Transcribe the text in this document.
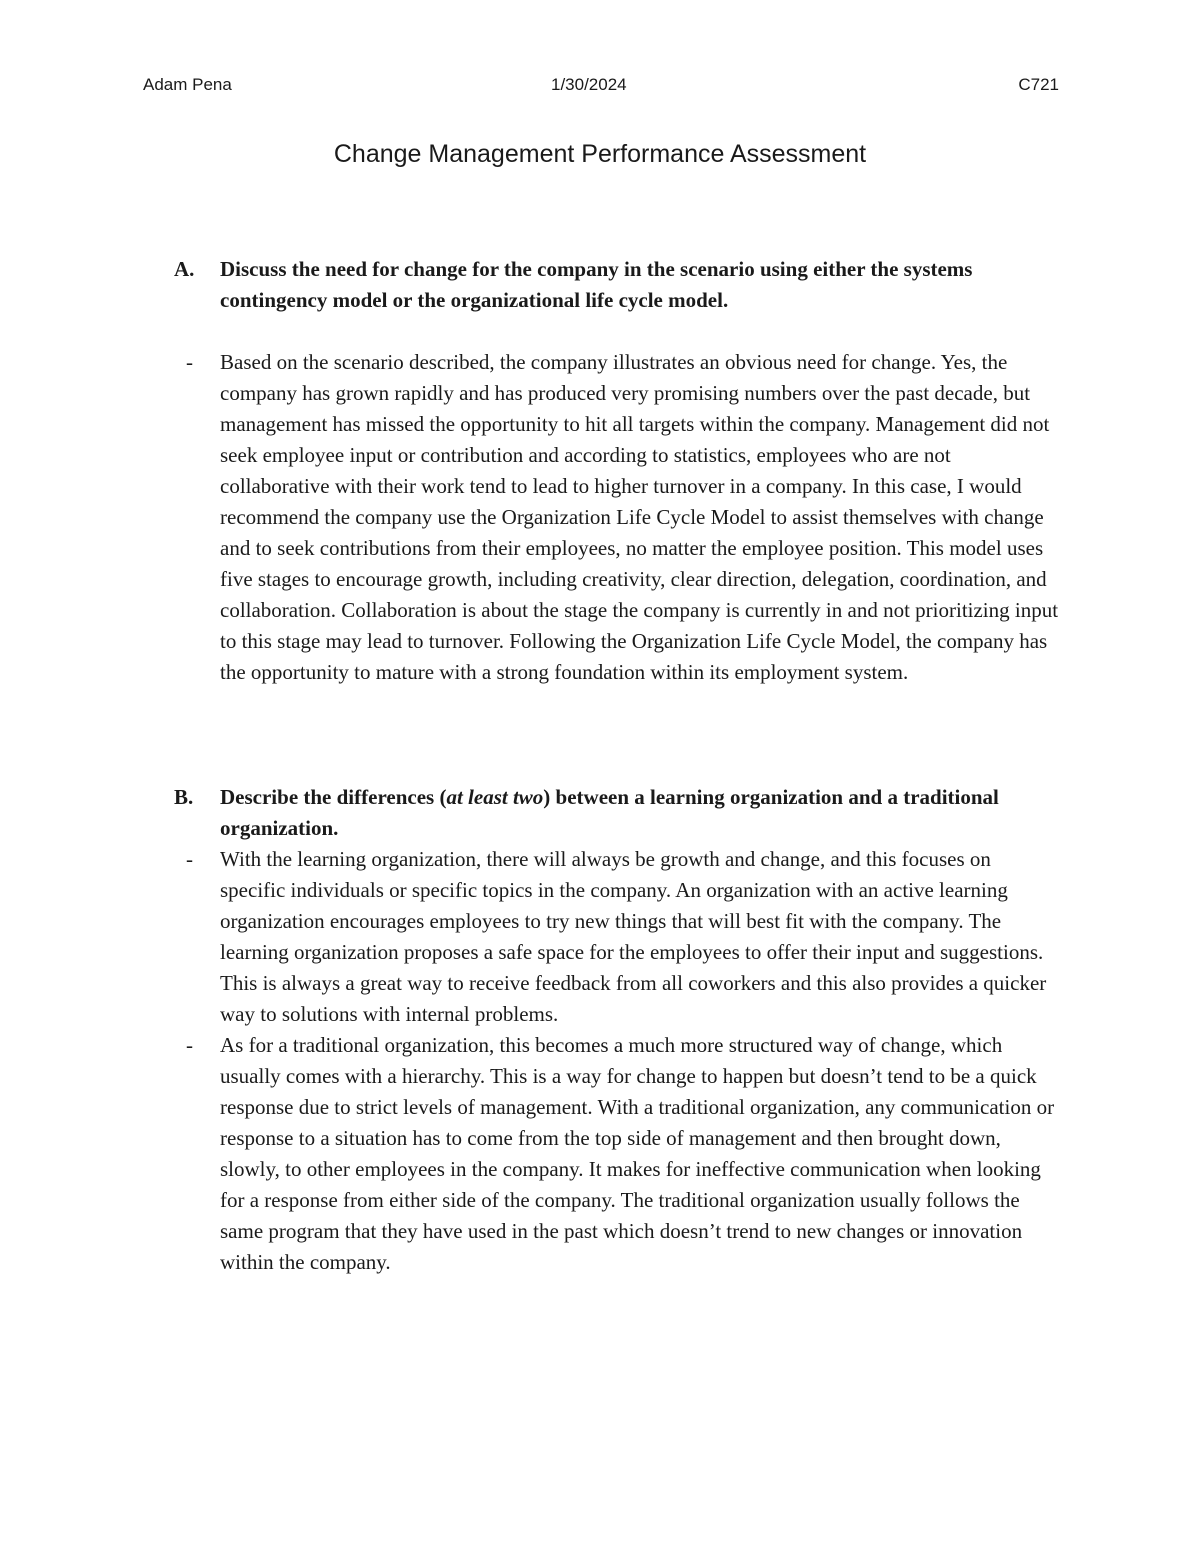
Adam Pena	1/30/2024	C721
Change Management Performance Assessment
A. Discuss the need for change for the company in the scenario using either the systems contingency model or the organizational life cycle model.
- Based on the scenario described, the company illustrates an obvious need for change. Yes, the company has grown rapidly and has produced very promising numbers over the past decade, but management has missed the opportunity to hit all targets within the company. Management did not seek employee input or contribution and according to statistics, employees who are not collaborative with their work tend to lead to higher turnover in a company. In this case, I would recommend the company use the Organization Life Cycle Model to assist themselves with change and to seek contributions from their employees, no matter the employee position. This model uses five stages to encourage growth, including creativity, clear direction, delegation, coordination, and collaboration. Collaboration is about the stage the company is currently in and not prioritizing input to this stage may lead to turnover. Following the Organization Life Cycle Model, the company has the opportunity to mature with a strong foundation within its employment system.
B. Describe the differences (at least two) between a learning organization and a traditional organization.
- With the learning organization, there will always be growth and change, and this focuses on specific individuals or specific topics in the company. An organization with an active learning organization encourages employees to try new things that will best fit with the company. The learning organization proposes a safe space for the employees to offer their input and suggestions. This is always a great way to receive feedback from all coworkers and this also provides a quicker way to solutions with internal problems.
- As for a traditional organization, this becomes a much more structured way of change, which usually comes with a hierarchy. This is a way for change to happen but doesn’t tend to be a quick response due to strict levels of management. With a traditional organization, any communication or response to a situation has to come from the top side of management and then brought down, slowly, to other employees in the company. It makes for ineffective communication when looking for a response from either side of the company. The traditional organization usually follows the same program that they have used in the past which doesn’t trend to new changes or innovation within the company.
